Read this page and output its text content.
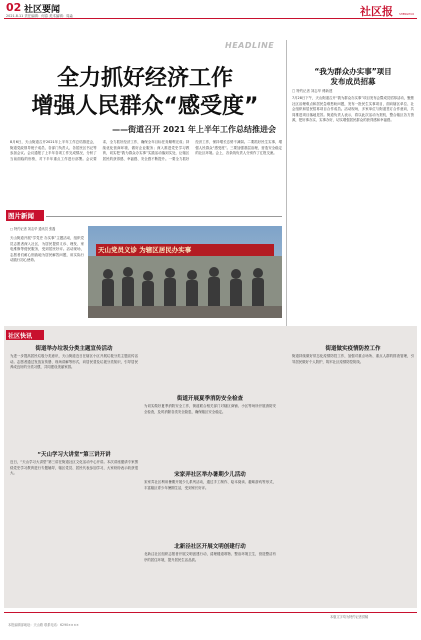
02 社区要闻
2021.8.11 责任编辑：何春 美术编辑：周淼	社区报 SHENGHUO
HEADLINE
全力抓好经济工作
增强人民群众“感受度”
——街道召开 2021 年上半年工作总结推进会
8月6日，天山街道召开2021年上半年工作总结推进会，街道党政领导班子成员、各部门负责人、各居民区书记等参加会议。会议通报了上半年各项工作完成情况，分析了当前面临的形势，对下半年重点工作进行部署。会议要求，全力抓好经济工作，确保全年目标任务顺利完成；持续优化营商环境，做好企业服务；深入推进党史学习教育，切实把“我为群众办实事”实践活动落到实处，让辖区居民的获得感、幸福感、安全感不断提升。一要全力抓好经济工作，保持增长态势不减弱。二要抓好民生实事，增强人民群众“感受度”。三要加强基层治理，营造安全稳定的社区环境。会上，各条线负责人分别作了汇报交流。
“我为群众办实事”项目
发布成员招募
□ 特约记者 刘志华 傅新建
7月28日下午，天山街道召开“我为群众办实事”项目发布会暨成员招募活动，聚焦社区治理难点和居民急难愁盼问题，发布一批民生实事项目，面向辖区单位、社会组织和居民招募项目合作成员。活动现场，多家单位与街道签订合作意向，共同推进项目落地见效。街道负责人表示，将以此次活动为契机，整合辖区各方资源，把好事办实、实事办好，切实增强居民群众的获得感和幸福感。
图片新闻
□ 特约记者 刘志华 通讯员 张磊
天山街道开展“学党史 办实事”主题活动，组织党员志愿者深入社区，为居民提供义诊、理发、家电维修等便民服务，受到居民好评。活动现场，志愿者们耐心细致地为居民解答问题，用实际行动践行初心使命。
天山党员义诊 为辖区居民办实事
社区快讯
街道举办垃圾分类主题宣传活动
为进一步提高居民垃圾分类意识，天山街道近日在辖区小区开展垃圾分类主题宣传活动。志愿者通过发放宣传册、现场讲解等形式，向居民普及垃圾分类知识，引导居民养成良好的分类习惯，共同建设美丽家园。
“天山学习大讲堂”第三讲开讲
近日，“天山学习大讲堂”第三讲在街道社区文化活动中心开讲。本次讲座邀请专家围绕党史学习教育进行专题辅导，辖区党员、居民代表参加学习，大家纷纷表示收获很大。
街道开展夏季消防安全检查
为切实做好夏季消防安全工作，街道联合相关部门对辖区商铺、小区等场所开展消防安全检查，及时消除各类安全隐患，确保辖区安全稳定。
宋家弄社区举办暑期少儿活动
宋家弄社区利用暑期开展少儿系列活动，通过手工制作、绘本阅读、趣味游戏等形式，丰富辖区青少年暑期生活，受到家长好评。
北新泾社区开展文明创建行动
北新泾社区组织志愿者开展文明创建行动，清理楼道堆物、整治环境卫生，营造整洁有序的居住环境，提升居民生活品质。
街道做实疫情防控工作
街道持续做好常态化疫情防控工作，加强对重点场所、重点人群的排查管理，引导居民做好个人防护，筑牢社区疫情防控防线。
本版文字均为特约记者供稿
本报编辑部地址：天山路 联系电话：6290××××
